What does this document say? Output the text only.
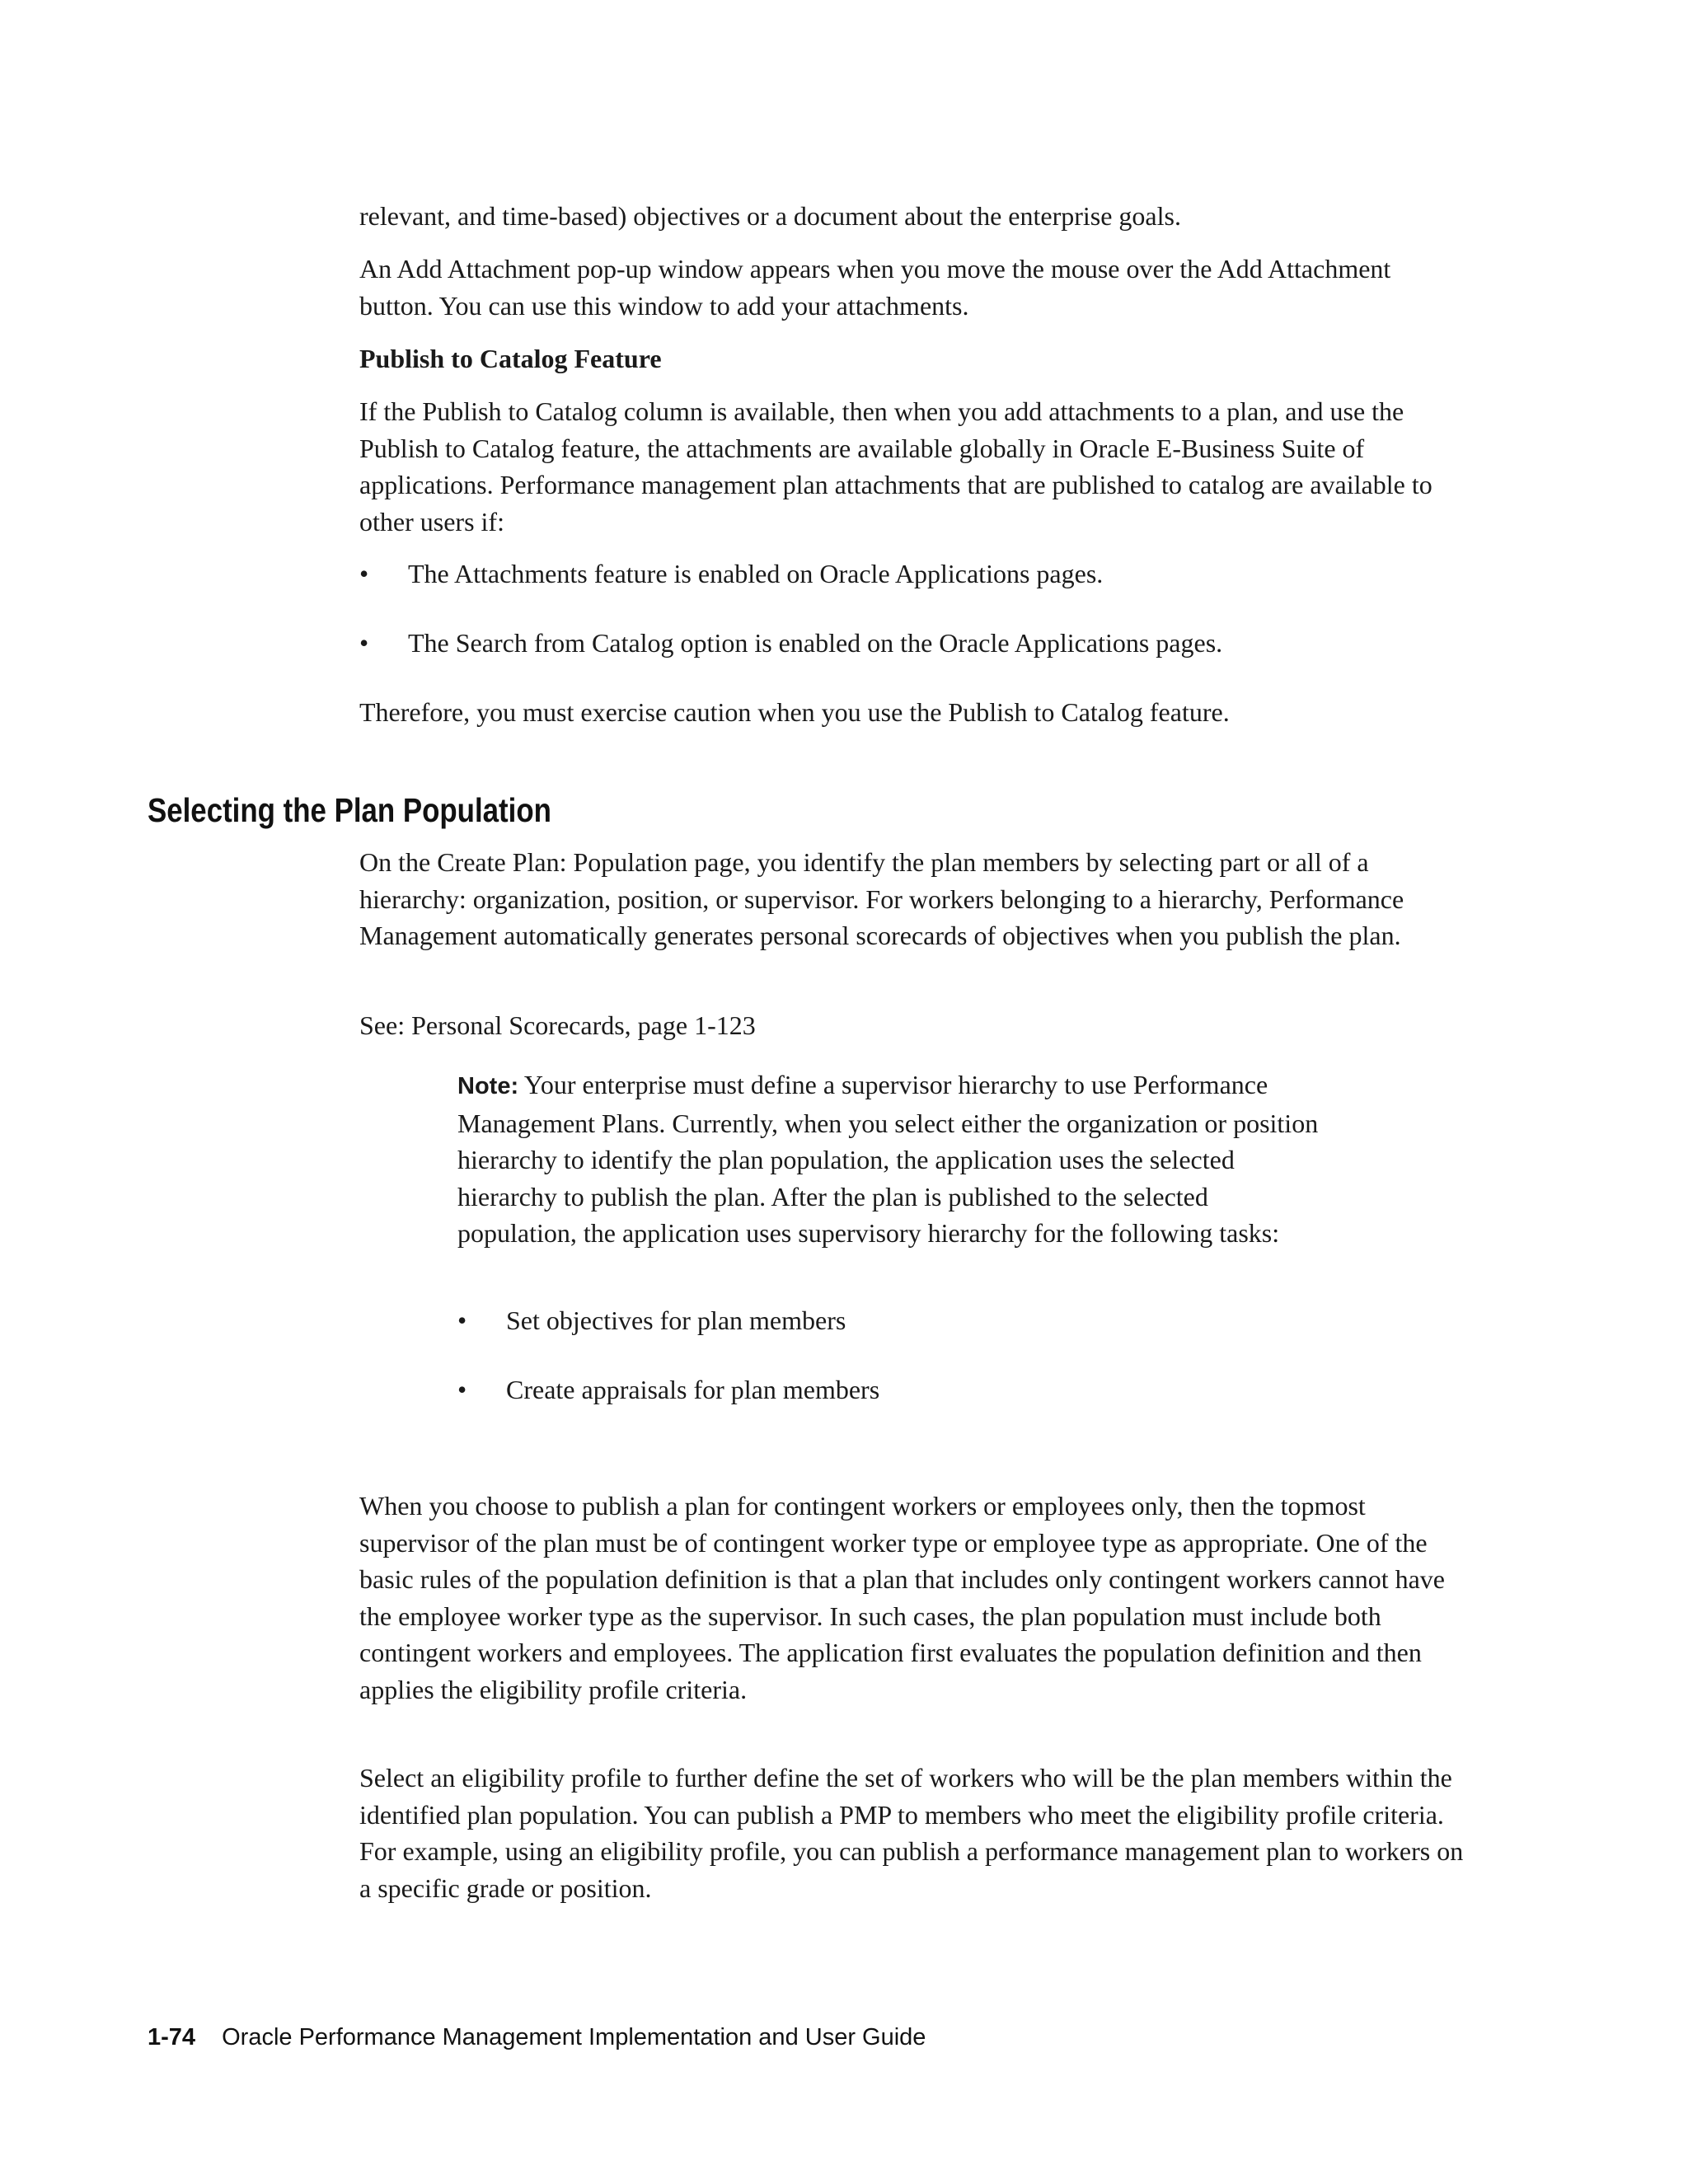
relevant, and time-based) objectives or a document about the enterprise goals.

An Add Attachment pop-up window appears when you move the mouse over the Add Attachment button. You can use this window to add your attachments.

Publish to Catalog Feature

If the Publish to Catalog column is available, then when you add attachments to a plan, and use the Publish to Catalog feature, the attachments are available globally in Oracle E-Business Suite of applications. Performance management plan attachments that are published to catalog are available to other users if:

• The Attachments feature is enabled on Oracle Applications pages.
• The Search from Catalog option is enabled on the Oracle Applications pages.

Therefore, you must exercise caution when you use the Publish to Catalog feature.

Selecting the Plan Population

On the Create Plan: Population page, you identify the plan members by selecting part or all of a hierarchy: organization, position, or supervisor. For workers belonging to a hierarchy, Performance Management automatically generates personal scorecards of objectives when you publish the plan.

See: Personal Scorecards, page 1-123

Note: Your enterprise must define a supervisor hierarchy to use Performance Management Plans. Currently, when you select either the organization or position hierarchy to identify the plan population, the application uses the selected hierarchy to publish the plan. After the plan is published to the selected population, the application uses supervisory hierarchy for the following tasks:
• Set objectives for plan members
• Create appraisals for plan members

When you choose to publish a plan for contingent workers or employees only, then the topmost supervisor of the plan must be of contingent worker type or employee type as appropriate. One of the basic rules of the population definition is that a plan that includes only contingent workers cannot have the employee worker type as the supervisor. In such cases, the plan population must include both contingent workers and employees. The application first evaluates the population definition and then applies the eligibility profile criteria.

Select an eligibility profile to further define the set of workers who will be the plan members within the identified plan population. You can publish a PMP to members who meet the eligibility profile criteria. For example, using an eligibility profile, you can publish a performance management plan to workers on a specific grade or position.

1-74 Oracle Performance Management Implementation and User Guide
